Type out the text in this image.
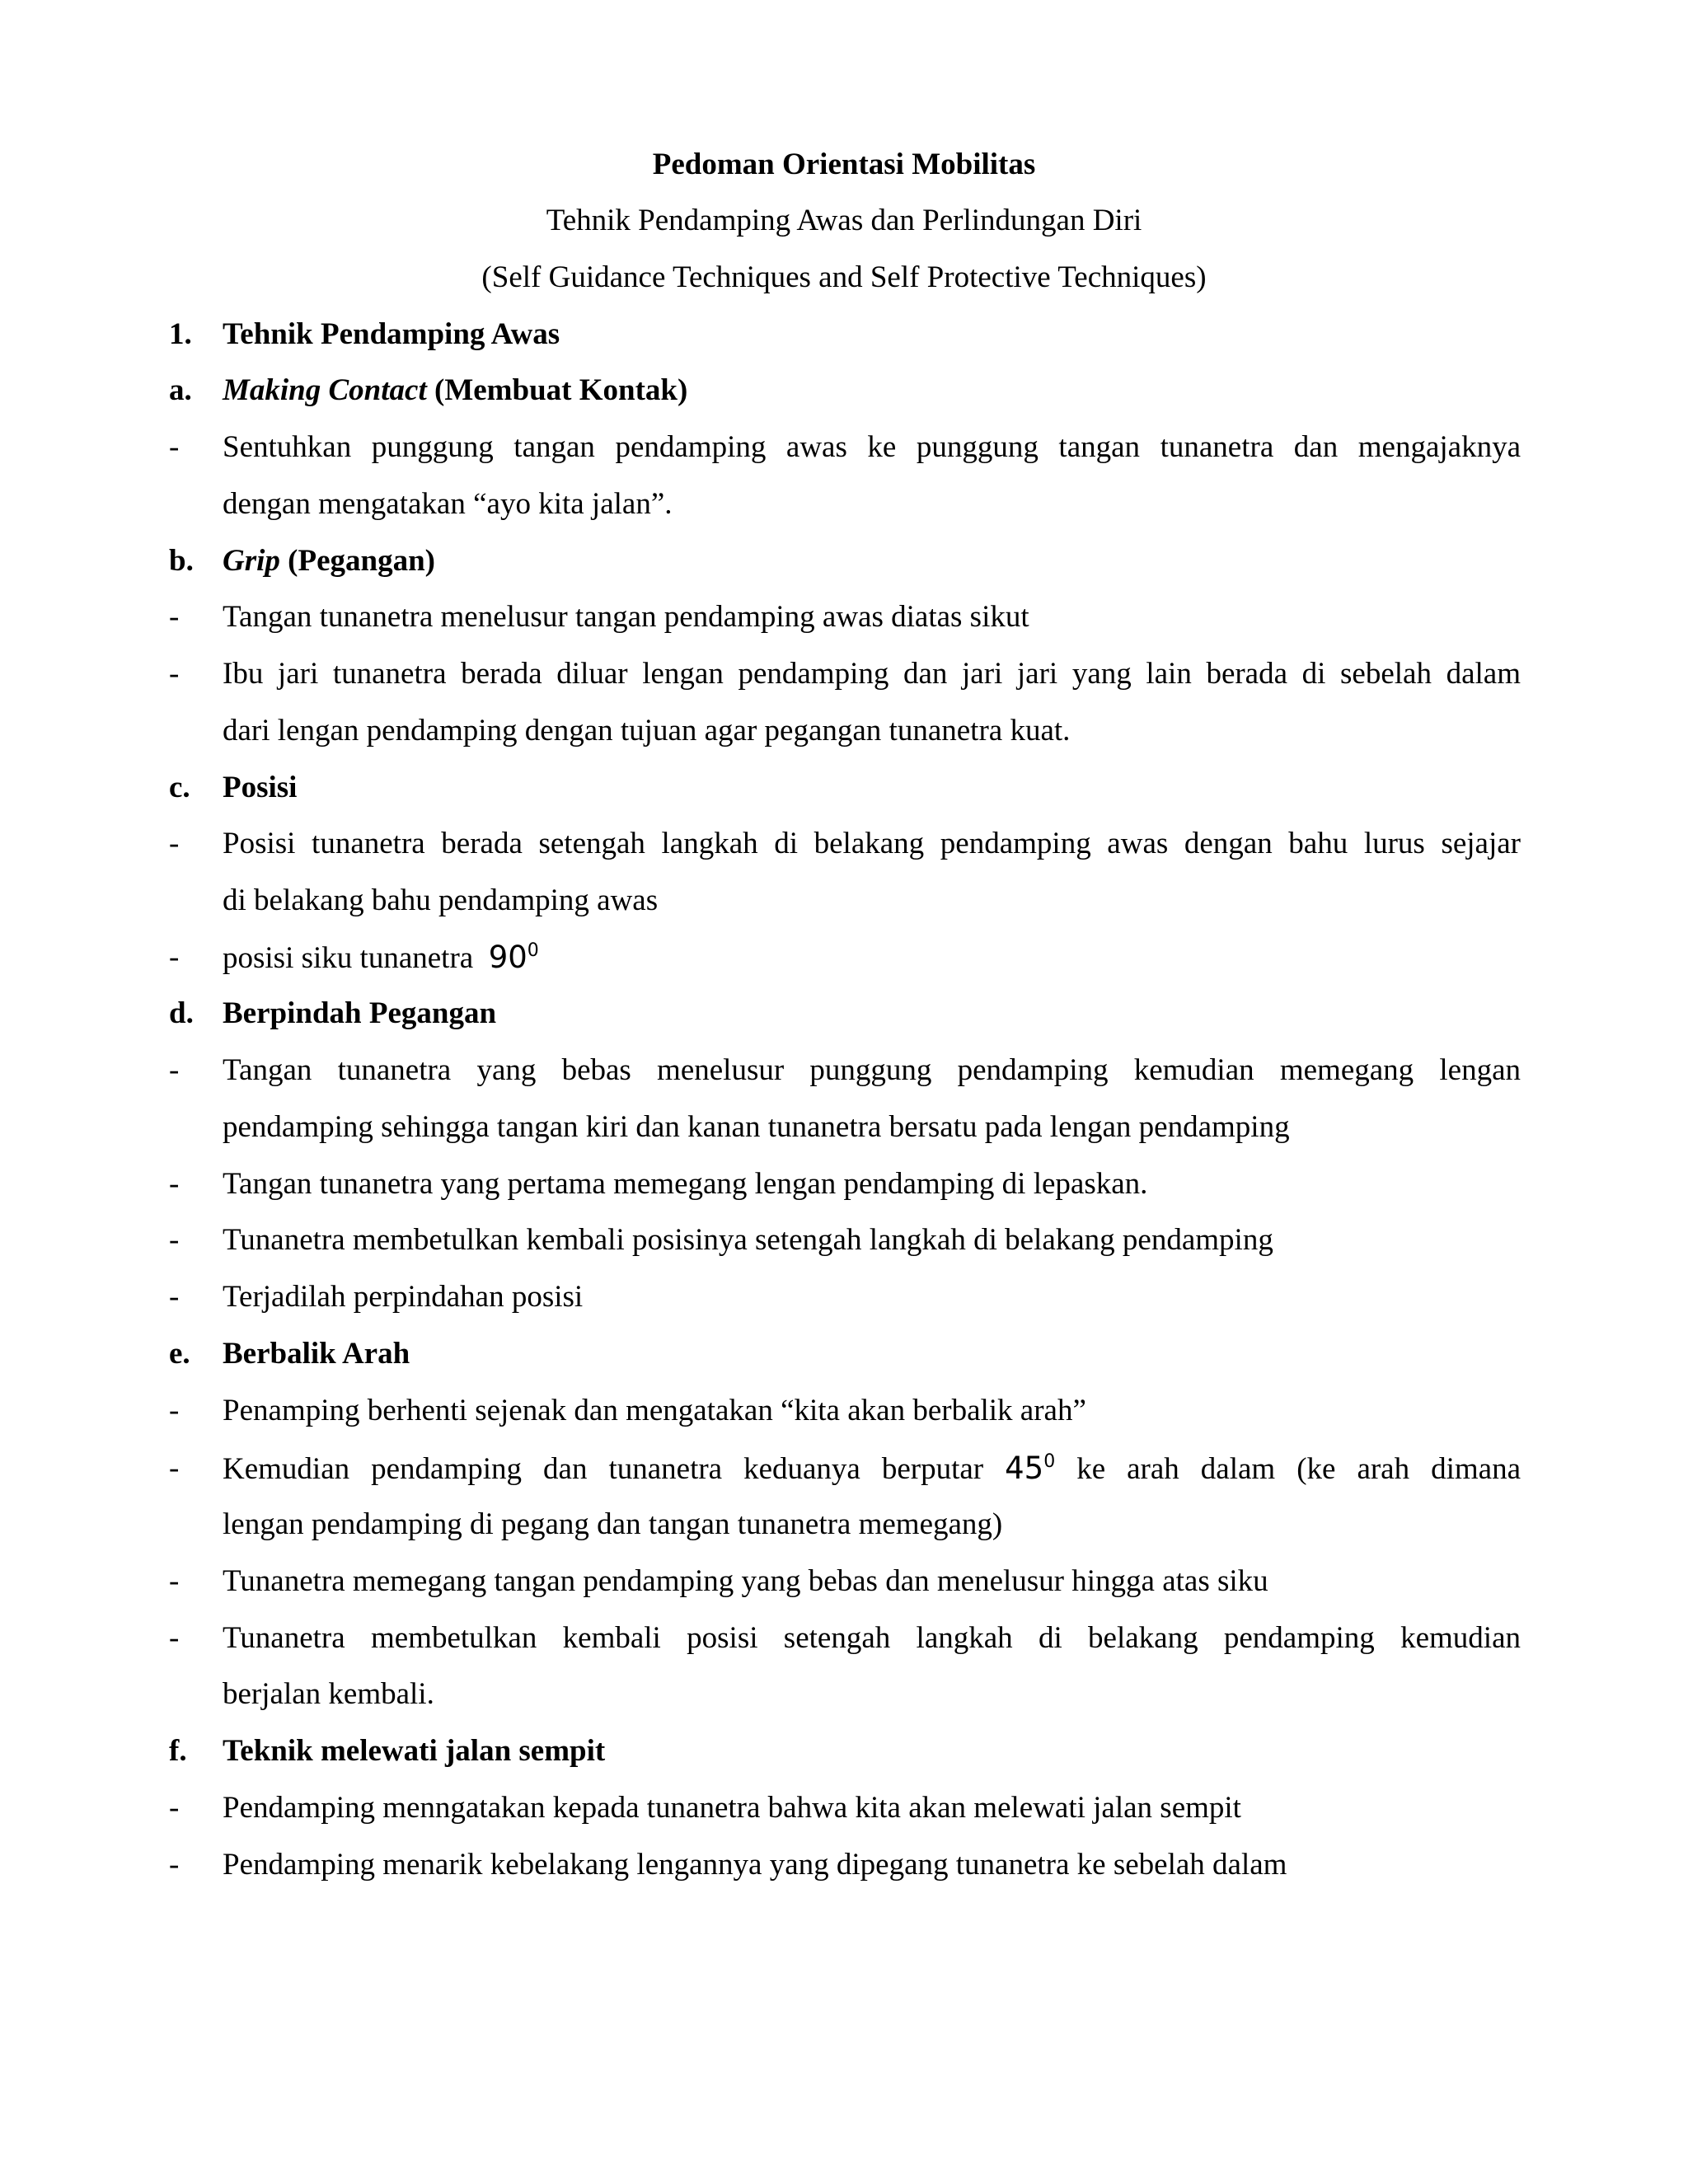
Pedoman Orientasi Mobilitas
Tehnik Pendamping Awas dan Perlindungan Diri
(Self Guidance Techniques and Self Protective Techniques)
1.	Tehnik Pendamping Awas
a.	Making Contact (Membuat Kontak)
-	Sentuhkan punggung tangan pendamping awas ke punggung tangan tunanetra dan mengajaknya
dengan mengatakan “ayo kita jalan”.
b. Grip (Pegangan)
-	Tangan tunanetra menelusur tangan pendamping awas diatas sikut
-	Ibu jari tunanetra berada diluar lengan pendamping dan jari jari yang lain berada di sebelah dalam
dari lengan pendamping dengan tujuan agar pegangan tunanetra kuat.
c.	Posisi
-	Posisi tunanetra berada setengah langkah di belakang pendamping awas dengan bahu lurus sejajar
di belakang bahu pendamping awas
-	posisi siku tunanetra $90^0$
d. Berpindah Pegangan
-	Tangan tunanetra yang bebas menelusur punggung pendamping kemudian memegang lengan
pendamping sehingga tangan kiri dan kanan tunanetra bersatu pada lengan pendamping
-	Tangan tunanetra yang pertama memegang lengan pendamping di lepaskan.
-	Tunanetra membetulkan kembali posisinya setengah langkah di belakang pendamping
-	Terjadilah perpindahan posisi
e.	Berbalik Arah
-	Penamping berhenti sejenak dan mengatakan “kita akan berbalik arah”
-	Kemudian pendamping dan tunanetra keduanya berputar $45^0$ ke arah dalam (ke arah dimana
lengan pendamping di pegang dan tangan tunanetra memegang)
-	Tunanetra memegang tangan pendamping yang bebas dan menelusur hingga atas siku
-	Tunanetra membetulkan kembali posisi setengah langkah di belakang pendamping kemudian
berjalan kembali.
f.	Teknik melewati jalan sempit
-	Pendamping menngatakan kepada tunanetra bahwa kita akan melewati jalan sempit
-	Pendamping menarik kebelakang lengannya yang dipegang tunanetra ke sebelah dalam
